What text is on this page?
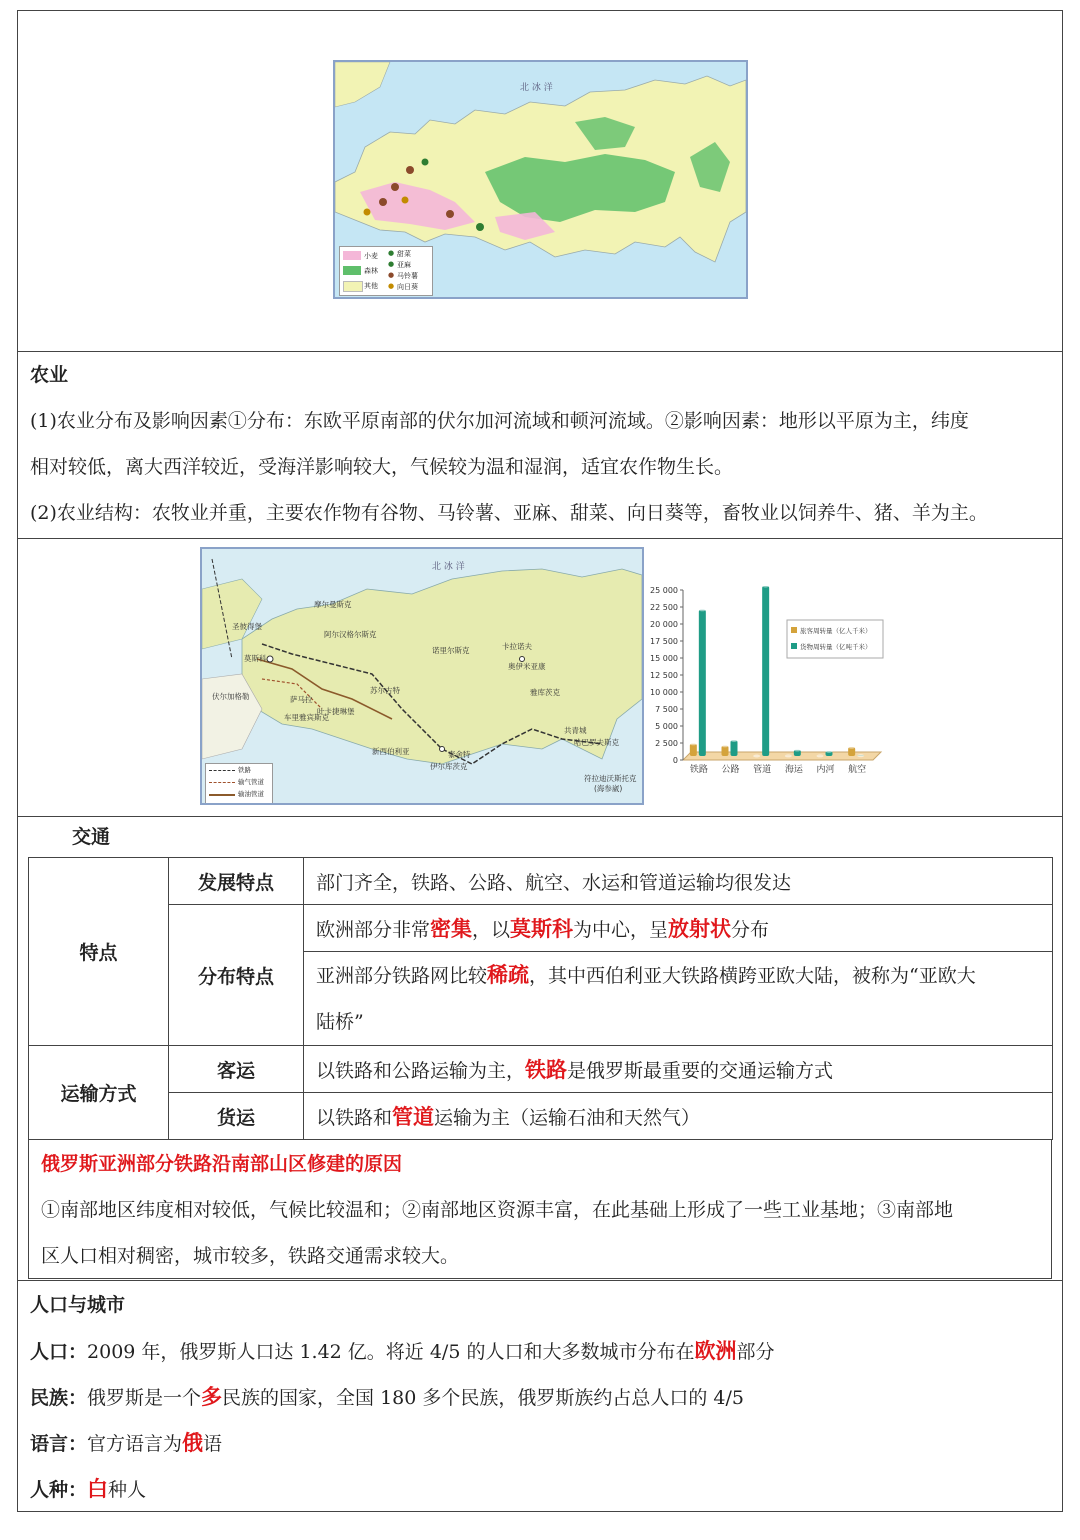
北 冰 洋
小麦
森林
其他
● 甜菜
● 亚麻
● 马铃薯
● 向日葵
农业
(1)农业分布及影响因素①分布：东欧平原南部的伏尔加河流域和顿河流域。②影响因素：地形以平原为主，纬度
相对较低，离大西洋较近，受海洋影响较大，气候较为温和湿润，适宜农作物生长。
(2)农业结构：农牧业并重，主要农作物有谷物、马铃薯、亚麻、甜菜、向日葵等，畜牧业以饲养牛、猪、羊为主。
北 冰 洋
摩尔曼斯克
圣彼得堡
阿尔汉格尔斯克
莫斯科
伏尔加格勒	萨马拉
叶卡捷琳堡
车里雅宾斯克
苏尔古特
新西伯利亚	泰舍特
伊尔库茨克
诺里尔斯克
奥伊米亚康
雅库茨克
卡拉诺夫
哈巴罗夫斯克
共青城
符拉迪沃斯托克
(海参崴)
铁路
输气管道
输油管道
0
2 500
5 000
7 500
10 000
12 500
15 000
17 500
20 000
22 500
25 000
铁路 公路 管道 海运 内河 航空
旅客周转量（亿人千米）
货物周转量（亿吨千米）
交通
特点	发展特点	部门齐全，铁路、公路、航空、水运和管道运输均很发达
	分布特点	欧洲部分非常密集，以莫斯科为中心，呈放射状分布
		亚洲部分铁路网比较稀疏，其中西伯利亚大铁路横跨亚欧大陆，被称为“亚欧大
陆桥”
运输方式	客运	以铁路和公路运输为主，铁路是俄罗斯最重要的交通运输方式
	货运	以铁路和管道运输为主（运输石油和天然气）
俄罗斯亚洲部分铁路沿南部山区修建的原因
①南部地区纬度相对较低，气候比较温和；②南部地区资源丰富，在此基础上形成了一些工业基地；③南部地
区人口相对稠密，城市较多，铁路交通需求较大。
人口与城市
人口：2009 年，俄罗斯人口达 1.42 亿。将近 4/5 的人口和大多数城市分布在欧洲部分
民族：俄罗斯是一个多民族的国家，全国 180 多个民族，俄罗斯族约占总人口的 4/5
语言：官方语言为俄语
人种：白种人
